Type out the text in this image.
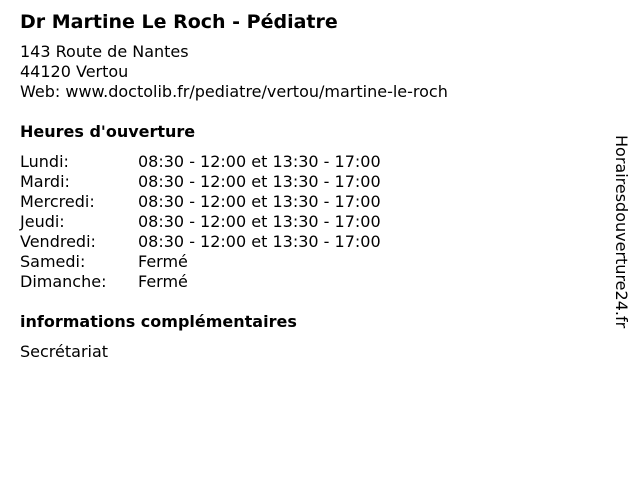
Dr Martine Le Roch - Pédiatre
143 Route de Nantes
44120 Vertou
Web: www.doctolib.fr/pediatre/vertou/martine-le-roch
Heures d'ouverture
Lundi:	08:30 - 12:00 et 13:30 - 17:00
Mardi:	08:30 - 12:00 et 13:30 - 17:00
Mercredi:	08:30 - 12:00 et 13:30 - 17:00
Jeudi:	08:30 - 12:00 et 13:30 - 17:00
Vendredi:	08:30 - 12:00 et 13:30 - 17:00
Samedi:	Fermé
Dimanche:	Fermé
informations complémentaires
Secrétariat
Horairesdouverture24.fr
